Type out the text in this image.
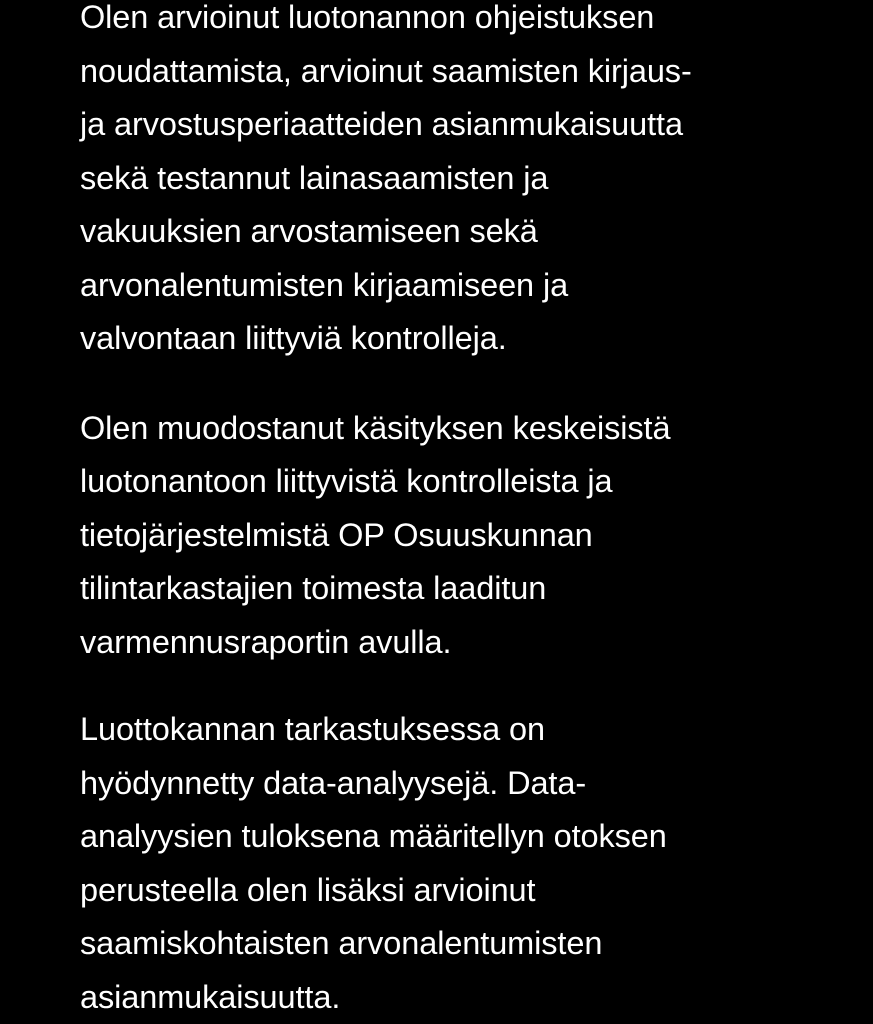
Olen arvioinut luotonannon ohjeistuksen
noudattamista, arvioinut saamisten kirjaus-
ja arvostusperiaatteiden asianmukaisuutta
sekä testannut lainasaamisten ja
vakuuksien arvostamiseen sekä
arvonalentumisten kirjaamiseen ja
valvontaan liittyviä kontrolleja.

Olen muodostanut käsityksen keskeisistä
luotonantoon liittyvistä kontrolleista ja
tietojärjestelmistä OP Osuuskunnan
tilintarkastajien toimesta laaditun
varmennusraportin avulla.

Luottokannan tarkastuksessa on
hyödynnetty data-analyysejä. Data-
analyysien tuloksena määritellyn otoksen
perusteella olen lisäksi arvioinut
saamiskohtaisten arvonalentumisten
asianmukaisuutta.
